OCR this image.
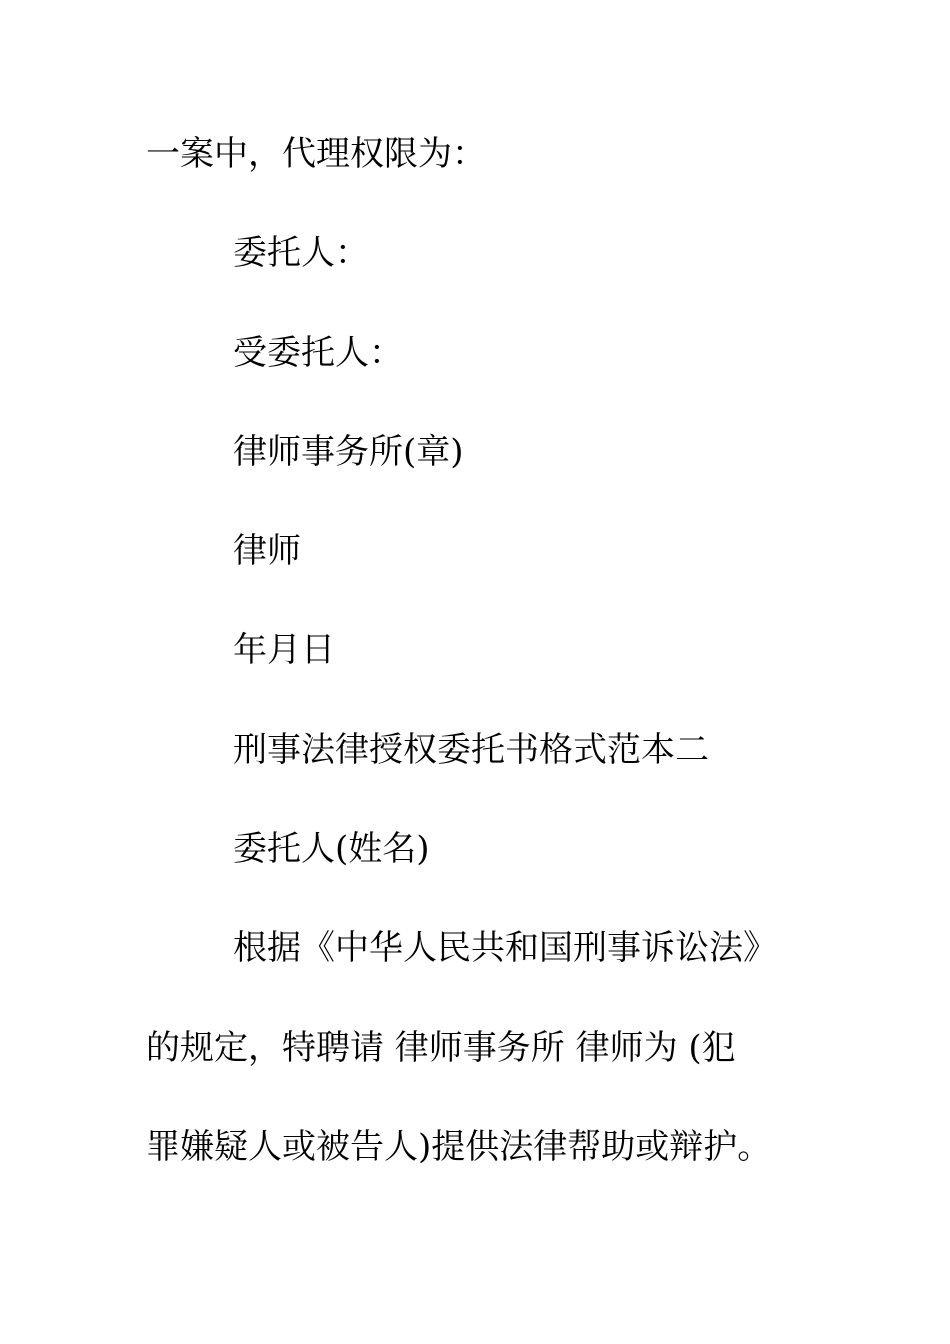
一案中，代理权限为：
委托人：
受委托人：
律师事务所(章)
律师
年月日
刑事法律授权委托书格式范本二
委托人(姓名)
根据《中华人民共和国刑事诉讼法》
的规定，特聘请 律师事务所 律师为 (犯
罪嫌疑人或被告人)提供法律帮助或辩护。
